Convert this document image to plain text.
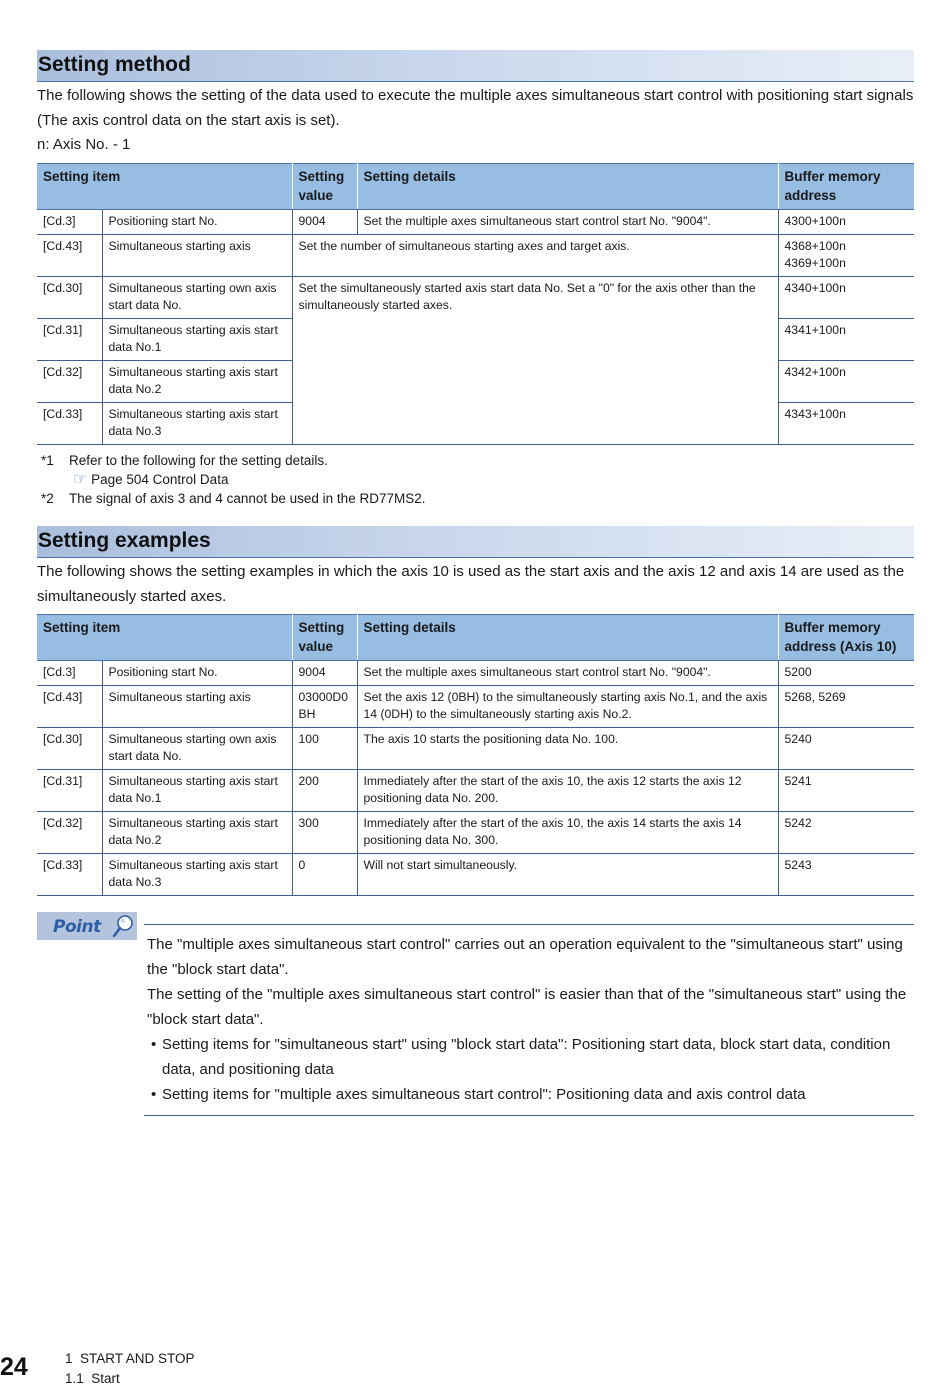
Setting method
The following shows the setting of the data used to execute the multiple axes simultaneous start control with positioning start signals (The axis control data on the start axis is set).
n: Axis No. - 1
Setting item		Setting value	Setting details	Buffer memory address
[Cd.3]	Positioning start No.	9004	Set the multiple axes simultaneous start control start No. "9004".	4300+100n
[Cd.43]	Simultaneous starting axis	Set the number of simultaneous starting axes and target axis.		4368+100n
4369+100n

[Cd.30]	Simultaneous starting own axis start data No.	Set the simultaneously started axis start data No. Set a "0" for the axis other than the simultaneously started axes.		4340+100n
[Cd.31]	Simultaneous starting axis start data No.1			4341+100n
[Cd.32]	Simultaneous starting axis start data No.2			4342+100n
[Cd.33]	Simultaneous starting axis start data No.3			4343+100n
*1	Refer to the following for the setting details.
☞ Page 504 Control Data
*2	The signal of axis 3 and 4 cannot be used in the RD77MS2.
Setting examples
The following shows the setting examples in which the axis 10 is used as the start axis and the axis 12 and axis 14 are used as the simultaneously started axes.
Setting item		Setting value	Setting details	Buffer memory address (Axis 10)
[Cd.3]	Positioning start No.	9004	Set the multiple axes simultaneous start control start No. "9004".	5200
[Cd.43]	Simultaneous starting axis	03000D0 BH	Set the axis 12 (0BH) to the simultaneously starting axis No.1, and the axis 14 (0DH) to the simultaneously starting axis No.2.	5268, 5269
[Cd.30]	Simultaneous starting own axis start data No.	100	The axis 10 starts the positioning data No. 100.	5240
[Cd.31]	Simultaneous starting axis start data No.1	200	Immediately after the start of the axis 10, the axis 12 starts the axis 12 positioning data No. 200.	5241
[Cd.32]	Simultaneous starting axis start data No.2	300	Immediately after the start of the axis 10, the axis 14 starts the axis 14 positioning data No. 300.	5242
[Cd.33]	Simultaneous starting axis start data No.3	0	Will not start simultaneously.	5243
Point
The "multiple axes simultaneous start control" carries out an operation equivalent to the "simultaneous start" using the "block start data".
The setting of the "multiple axes simultaneous start control" is easier than that of the "simultaneous start" using the "block start data".
• Setting items for "simultaneous start" using "block start data": Positioning start data, block start data, condition data, and positioning data
• Setting items for "multiple axes simultaneous start control": Positioning data and axis control data
24	1  START AND STOP
1.1  Start
